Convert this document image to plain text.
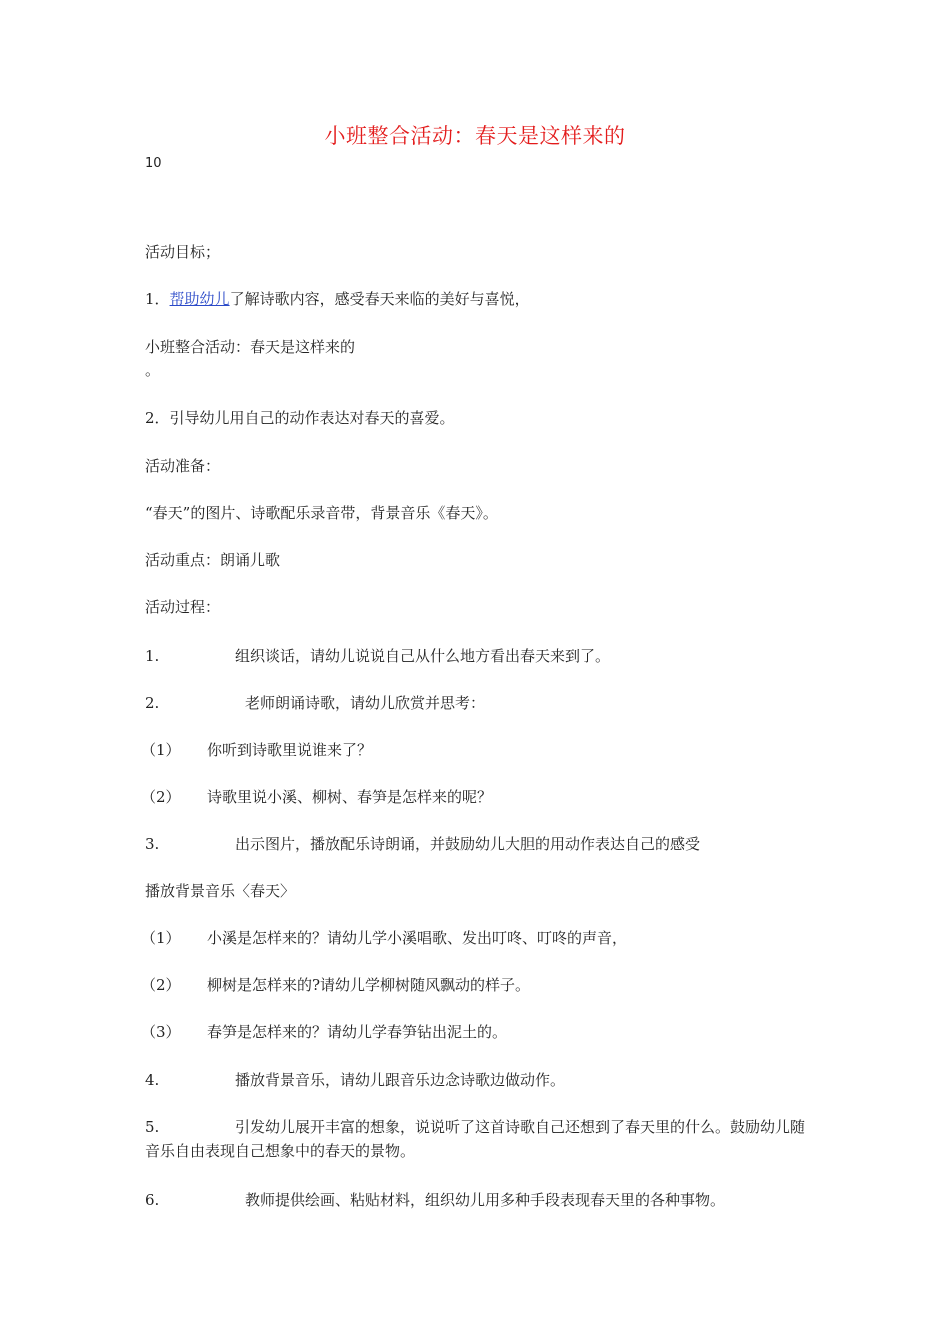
小班整合活动：春天是这样来的
10
活动目标；
1．帮助幼儿了解诗歌内容，感受春天来临的美好与喜悦，
小班整合活动：春天是这样来的
。
2．引导幼儿用自己的动作表达对春天的喜爱。
活动准备：
“春天”的图片、诗歌配乐录音带，背景音乐《春天》。
活动重点：朗诵儿歌
活动过程：
1.	组织谈话，请幼儿说说自己从什么地方看出春天来到了。
2.	老师朗诵诗歌，请幼儿欣赏并思考：
（1） 你听到诗歌里说谁来了？
（2） 诗歌里说小溪、柳树、春笋是怎样来的呢？
3.	出示图片，播放配乐诗朗诵，并鼓励幼儿大胆的用动作表达自己的感受
播放背景音乐〈春天〉
（1） 小溪是怎样来的？请幼儿学小溪唱歌、发出叮咚、叮咚的声音，
（2） 柳树是怎样来的?请幼儿学柳树随风飘动的样子。
（3） 春笋是怎样来的？请幼儿学春笋钻出泥土的。
4.	播放背景音乐，请幼儿跟音乐边念诗歌边做动作。
5.	引发幼儿展开丰富的想象，说说听了这首诗歌自己还想到了春天里的什么。鼓励幼儿随音乐自由表现自己想象中的春天的景物。
6.	教师提供绘画、粘贴材料，组织幼儿用多种手段表现春天里的各种事物。
